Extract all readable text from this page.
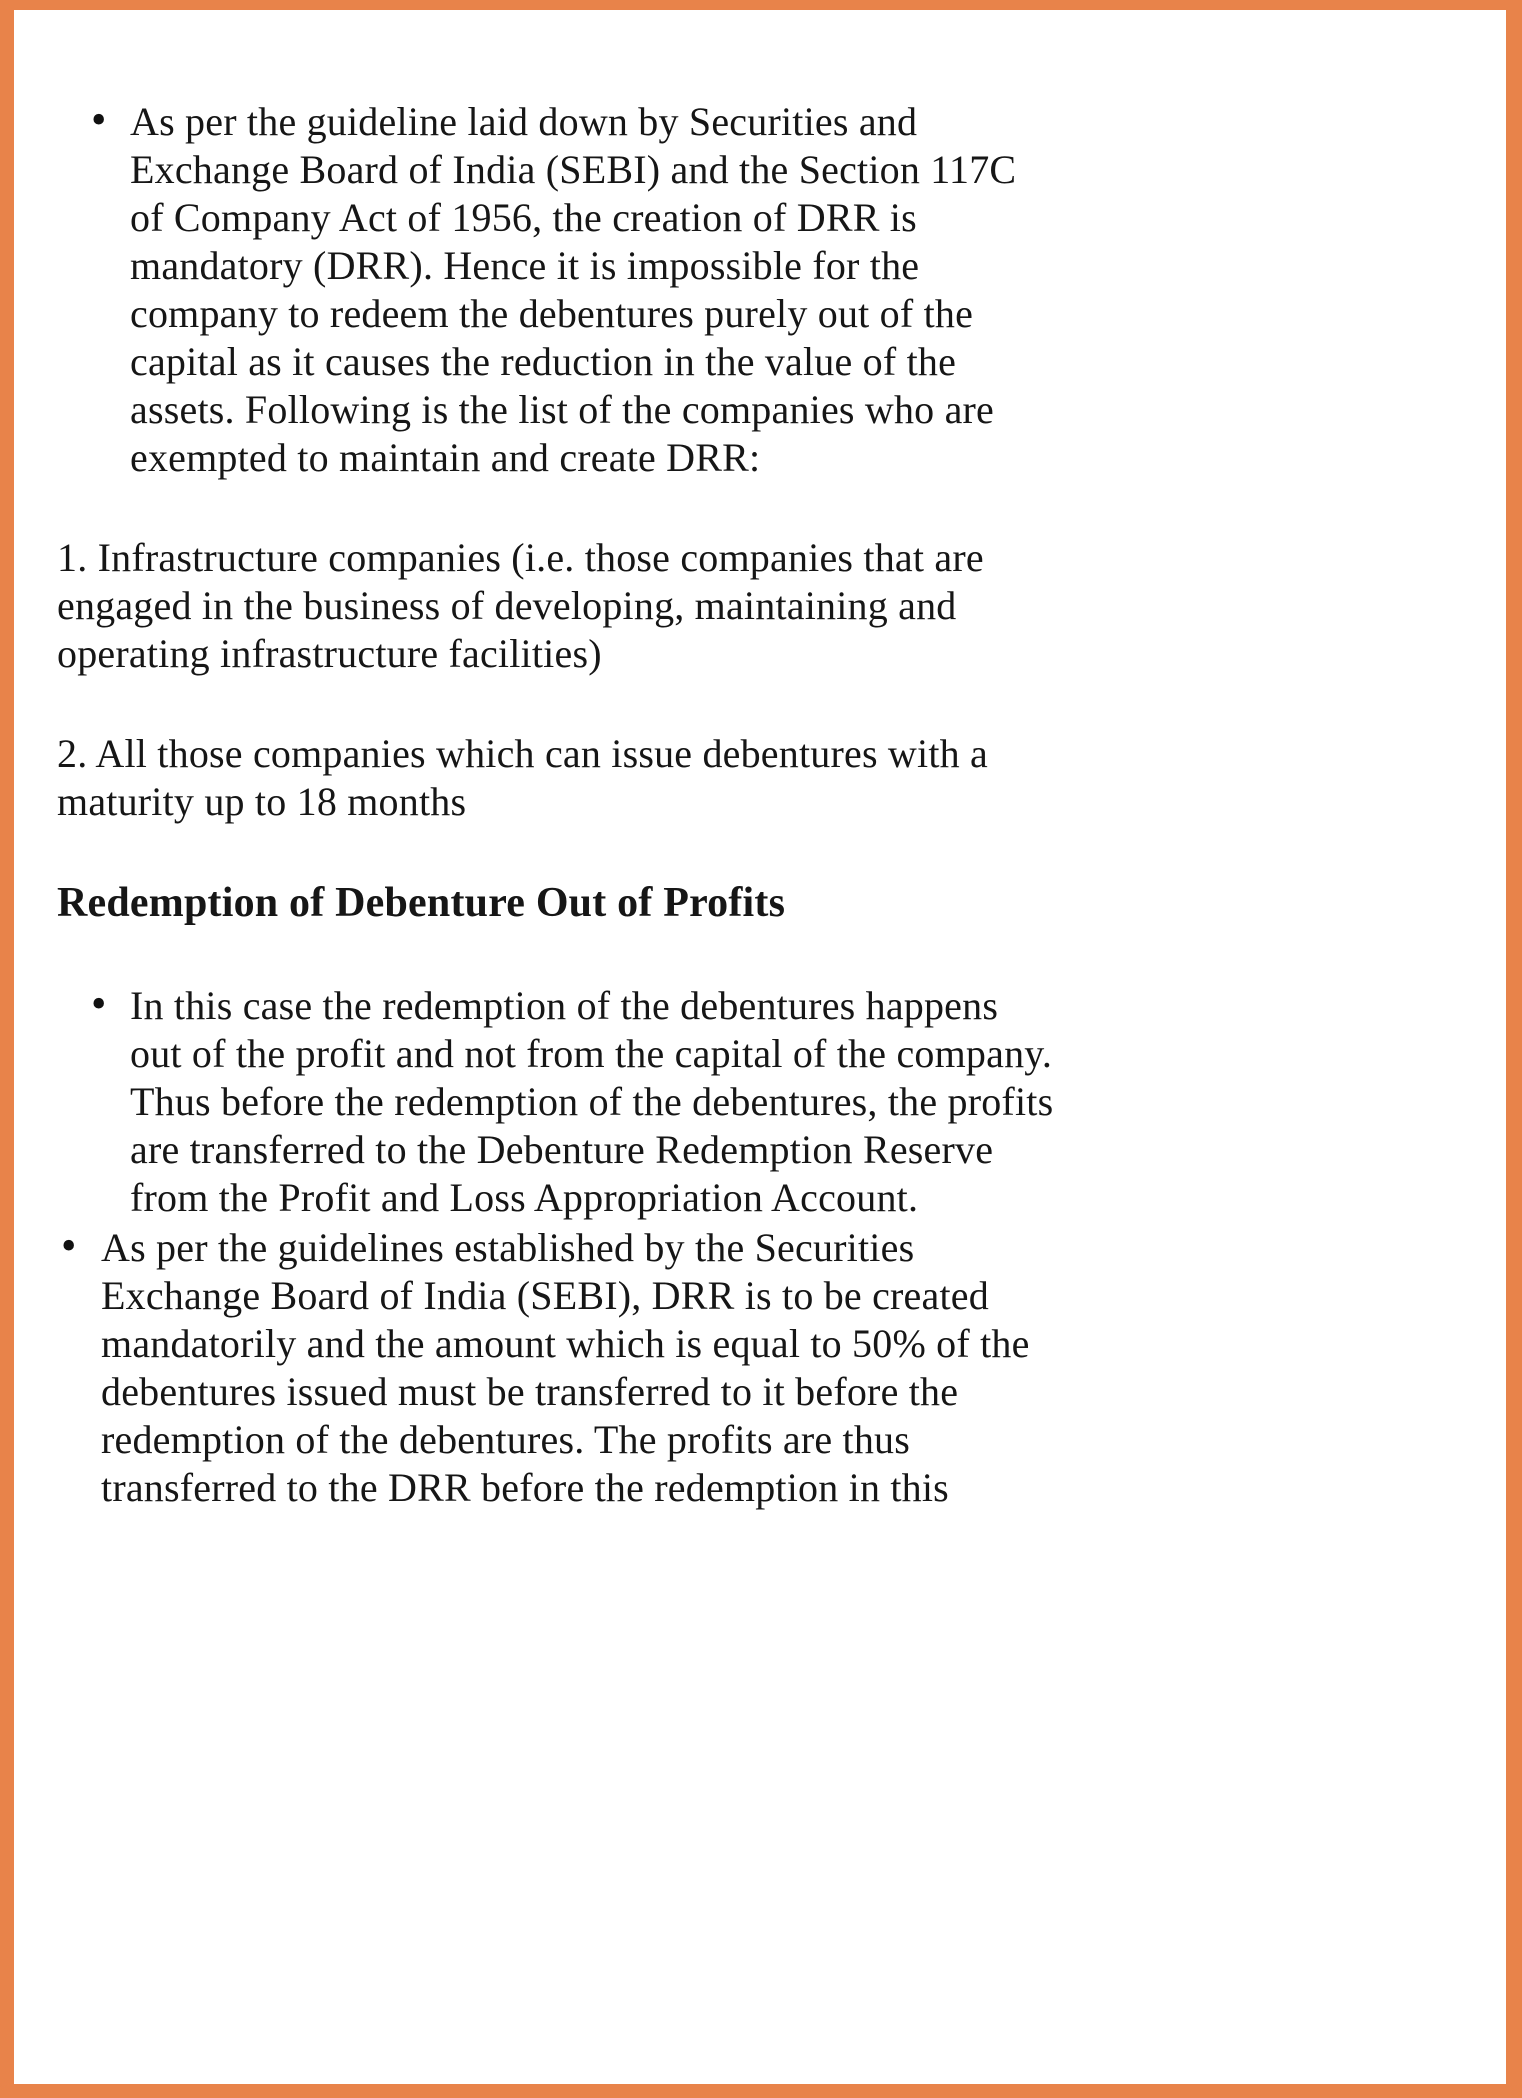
• As per the guideline laid down by Securities and Exchange Board of India (SEBI) and the Section 117C of Company Act of 1956, the creation of DRR is mandatory (DRR). Hence it is impossible for the company to redeem the debentures purely out of the capital as it causes the reduction in the value of the assets. Following is the list of the companies who are exempted to maintain and create DRR:

1. Infrastructure companies (i.e. those companies that are engaged in the business of developing, maintaining and operating infrastructure facilities)

2. All those companies which can issue debentures with a maturity up to 18 months

Redemption of Debenture Out of Profits

• In this case the redemption of the debentures happens out of the profit and not from the capital of the company. Thus before the redemption of the debentures, the profits are transferred to the Debenture Redemption Reserve from the Profit and Loss Appropriation Account.

• As per the guidelines established by the Securities Exchange Board of India (SEBI), DRR is to be created mandatorily and the amount which is equal to 50% of the debentures issued must be transferred to it before the redemption of the debentures. The profits are thus transferred to the DRR before the redemption in this
